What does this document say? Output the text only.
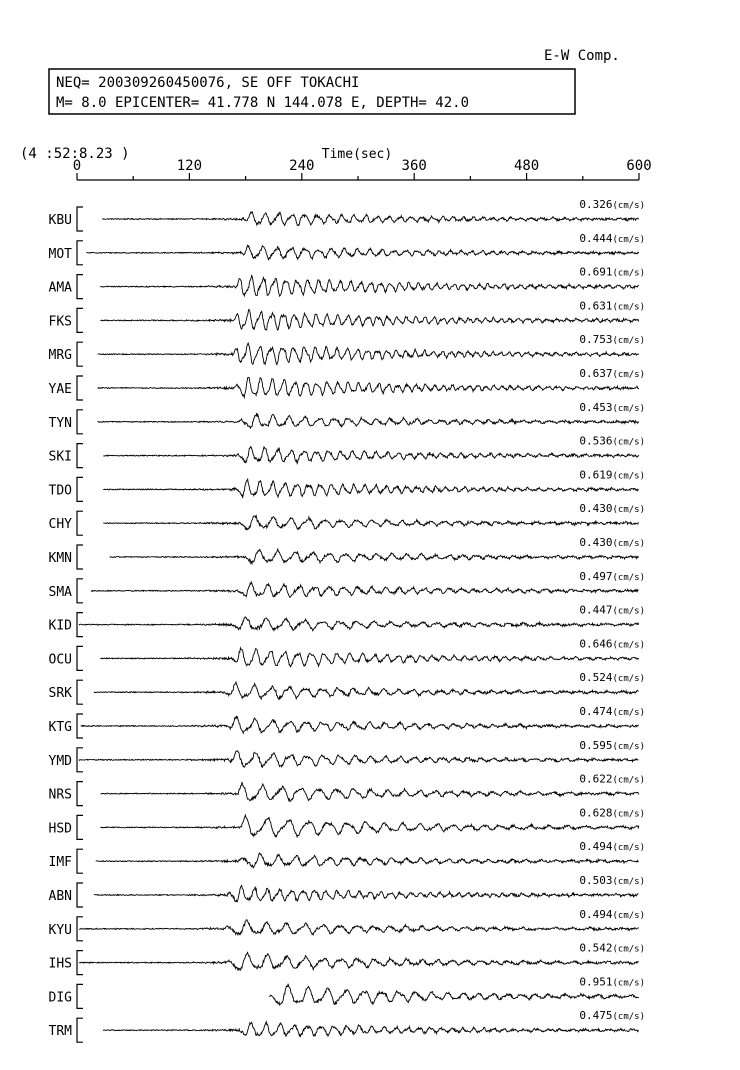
E-W Comp.
NEQ= 200309260450076, SE OFF TOKACHI
M= 8.0 EPICENTER= 41.778 N 144.078 E, DEPTH= 42.0
(4 :52:8.23 )	Time(sec)
0	120	240	360	480	600
KBU
0.326(cm/s)
MOT
0.444(cm/s)
AMA
0.691(cm/s)
FKS
0.631(cm/s)
MRG
0.753(cm/s)
YAE
0.637(cm/s)
TYN
0.453(cm/s)
SKI
0.536(cm/s)
TDO
0.619(cm/s)
CHY
0.430(cm/s)
KMN
0.430(cm/s)
SMA
0.497(cm/s)
KID
0.447(cm/s)
OCU
0.646(cm/s)
SRK
0.524(cm/s)
KTG
0.474(cm/s)
YMD
0.595(cm/s)
NRS
0.622(cm/s)
HSD
0.628(cm/s)
IMF
0.494(cm/s)
ABN
0.503(cm/s)
KYU
0.494(cm/s)
IHS
0.542(cm/s)
DIG
0.951(cm/s)
TRM
0.475(cm/s)
